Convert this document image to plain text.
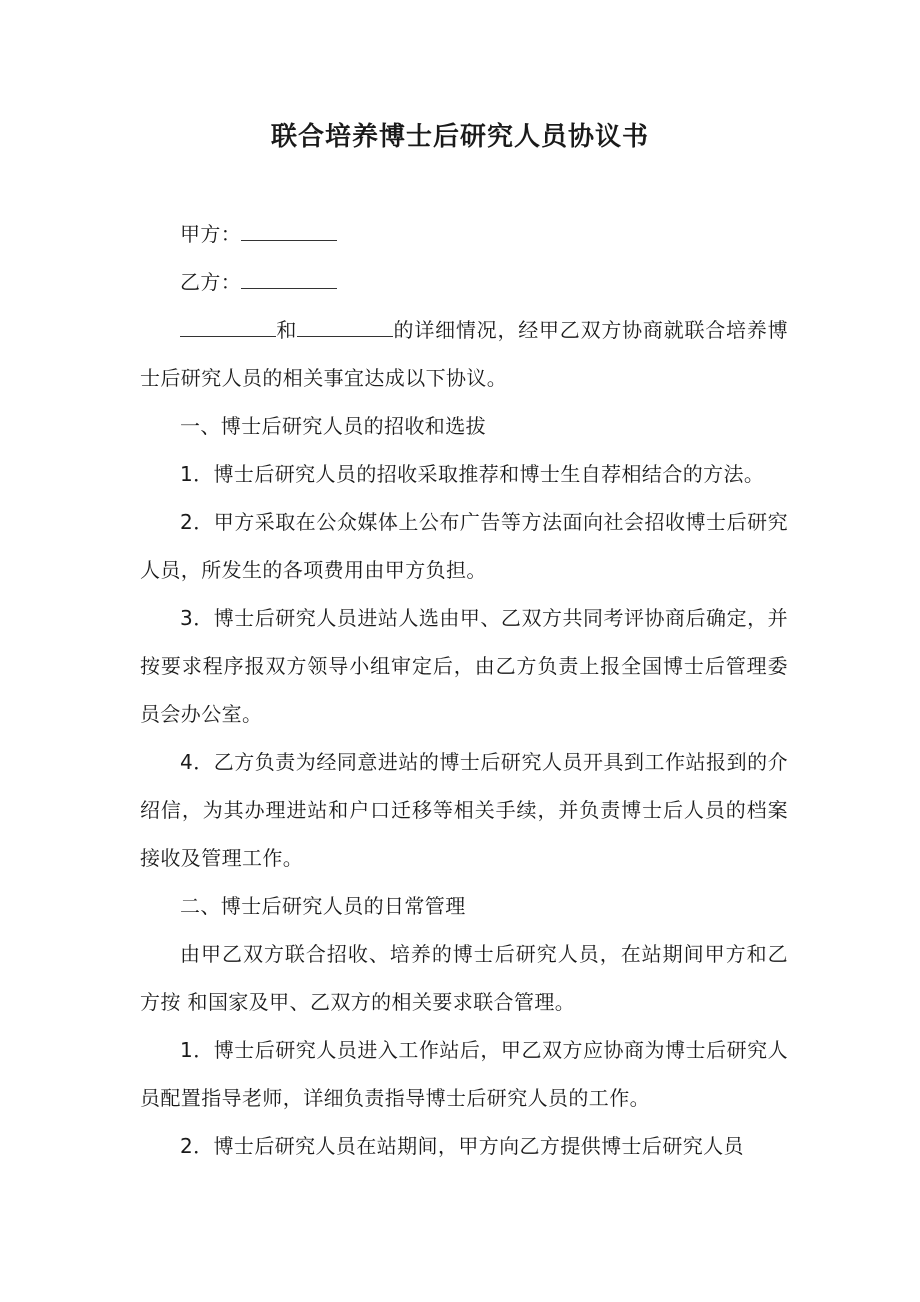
联合培养博士后研究人员协议书

甲方：

乙方：

和	的详细情况，经甲乙双方协商就联合培养博士后研究人员的相关事宜达成以下协议。

一、博士后研究人员的招收和选拔

1．博士后研究人员的招收采取推荐和博士生自荐相结合的方法。

2．甲方采取在公众媒体上公布广告等方法面向社会招收博士后研究人员，所发生的各项费用由甲方负担。

3．博士后研究人员进站人选由甲、乙双方共同考评协商后确定，并按要求程序报双方领导小组审定后，由乙方负责上报全国博士后管理委员会办公室。

4．乙方负责为经同意进站的博士后研究人员开具到工作站报到的介绍信，为其办理进站和户口迁移等相关手续，并负责博士后人员的档案接收及管理工作。

二、博士后研究人员的日常管理

由甲乙双方联合招收、培养的博士后研究人员，在站期间甲方和乙方按 和国家及甲、乙双方的相关要求联合管理。

1．博士后研究人员进入工作站后，甲乙双方应协商为博士后研究人员配置指导老师，详细负责指导博士后研究人员的工作。

2．博士后研究人员在站期间，甲方向乙方提供博士后研究人员
